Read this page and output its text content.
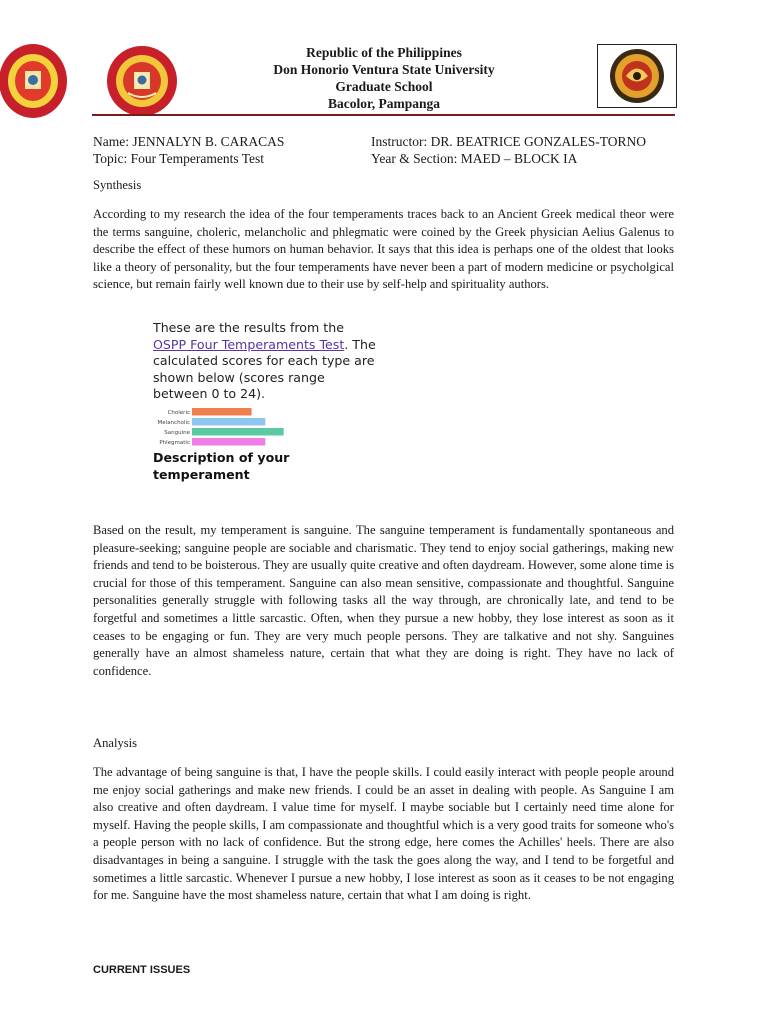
Republic of the Philippines
Don Honorio Ventura State University
Graduate School
Bacolor, Pampanga
Name: JENNALYN B. CARACAS
Topic: Four Temperaments Test
Instructor: DR. BEATRICE GONZALES-TORNO
Year & Section: MAED – BLOCK IA
Synthesis
According to my research the idea of the four temperaments traces back to an Ancient Greek medical theor were the terms sanguine, choleric, melancholic and phlegmatic were coined by the Greek physician Aelius Galenus to describe the effect of these humors on human behavior. It says that this idea is perhaps one of the oldest that looks like a theory of personality, but the four temperaments have never been a part of modern medicine or psycholgical science, but remain fairly well known due to their use by self-help and spirituality authors.
These are the results from the OSPP Four Temperaments Test. The calculated scores for each type are shown below (scores range between 0 to 24).
Choleric
Melancholic
Sanguine
Phlegmatic
Description of your temperament
Based on the result, my temperament is sanguine. The sanguine temperament is fundamentally spontaneous and pleasure-seeking; sanguine people are sociable and charismatic. They tend to enjoy social gatherings, making new friends and tend to be boisterous. They are usually quite creative and often daydream. However, some alone time is crucial for those of this temperament. Sanguine can also mean sensitive, compassionate and thoughtful. Sanguine personalities generally struggle with following tasks all the way through, are chronically late, and tend to be forgetful and sometimes a little sarcastic. Often, when they pursue a new hobby, they lose interest as soon as it ceases to be engaging or fun. They are very much people persons. They are talkative and not shy. Sanguines generally have an almost shameless nature, certain that what they are doing is right. They have no lack of confidence.
Analysis
The advantage of being sanguine is that, I have the people skills. I could easily interact with people people around me enjoy social gatherings and make new friends. I could be an asset in dealing with people. As Sanguine I am also creative and often daydream. I value time for myself. I maybe sociable but I certainly need time alone for myself. Having the people skills, I am compassionate and thoughtful which is a very good traits for someone who's a people person with no lack of confidence. But the strong edge, here comes the Achilles' heels. There are also disadvantages in being a sanguine. I struggle with the task the goes along the way, and I tend to be forgetful and sometimes a little sarcastic. Whenever I pursue a new hobby, I lose interest as soon as it ceases to be not engaging for me. Sanguine have the most shameless nature, certain that what I am doing is right.
CURRENT ISSUES
